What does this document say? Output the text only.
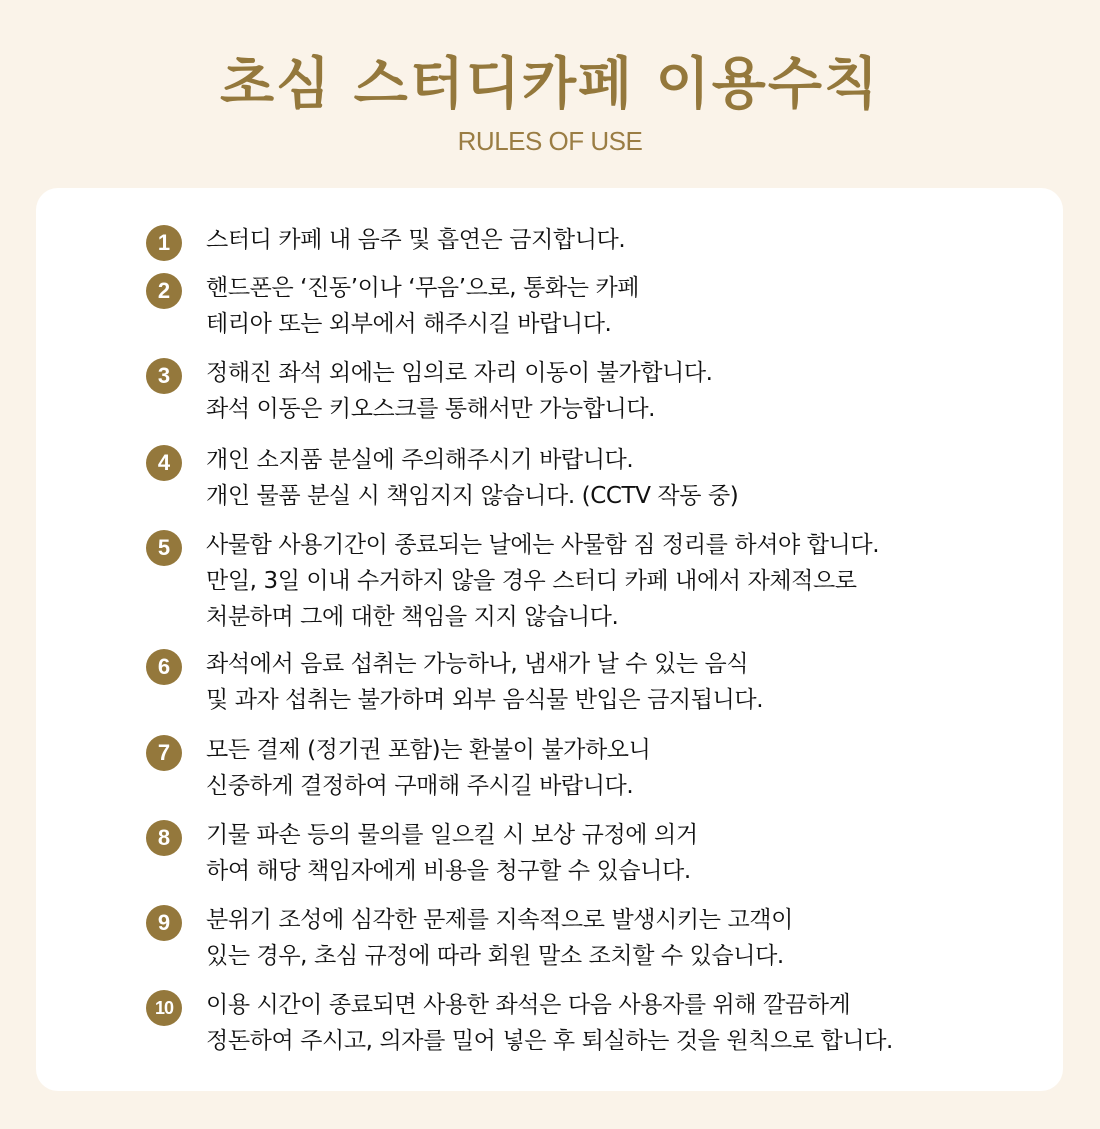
초심 스터디카페 이용수칙
RULES OF USE
1	스터디 카페 내 음주 및 흡연은 금지합니다.
2	핸드폰은 ‘진동’이나 ‘무음’으로, 통화는 카페
테리아 또는 외부에서 해주시길 바랍니다.
3	정해진 좌석 외에는 임의로 자리 이동이 불가합니다.
좌석 이동은 키오스크를 통해서만 가능합니다.
4	개인 소지품 분실에 주의해주시기 바랍니다.
개인 물품 분실 시 책임지지 않습니다. (CCTV 작동 중)
5	사물함 사용기간이 종료되는 날에는 사물함 짐 정리를 하셔야 합니다.
만일, 3일 이내 수거하지 않을 경우 스터디 카페 내에서 자체적으로
처분하며 그에 대한 책임을 지지 않습니다.
6	좌석에서 음료 섭취는 가능하나, 냄새가 날 수 있는 음식
및 과자 섭취는 불가하며 외부 음식물 반입은 금지됩니다.
7	모든 결제 (정기권 포함)는 환불이 불가하오니
신중하게 결정하여 구매해 주시길 바랍니다.
8	기물 파손 등의 물의를 일으킬 시 보상 규정에 의거
하여 해당 책임자에게 비용을 청구할 수 있습니다.
9	분위기 조성에 심각한 문제를 지속적으로 발생시키는 고객이
있는 경우, 초심 규정에 따라 회원 말소 조치할 수 있습니다.
10	이용 시간이 종료되면 사용한 좌석은 다음 사용자를 위해 깔끔하게
정돈하여 주시고, 의자를 밀어 넣은 후 퇴실하는 것을 원칙으로 합니다.
